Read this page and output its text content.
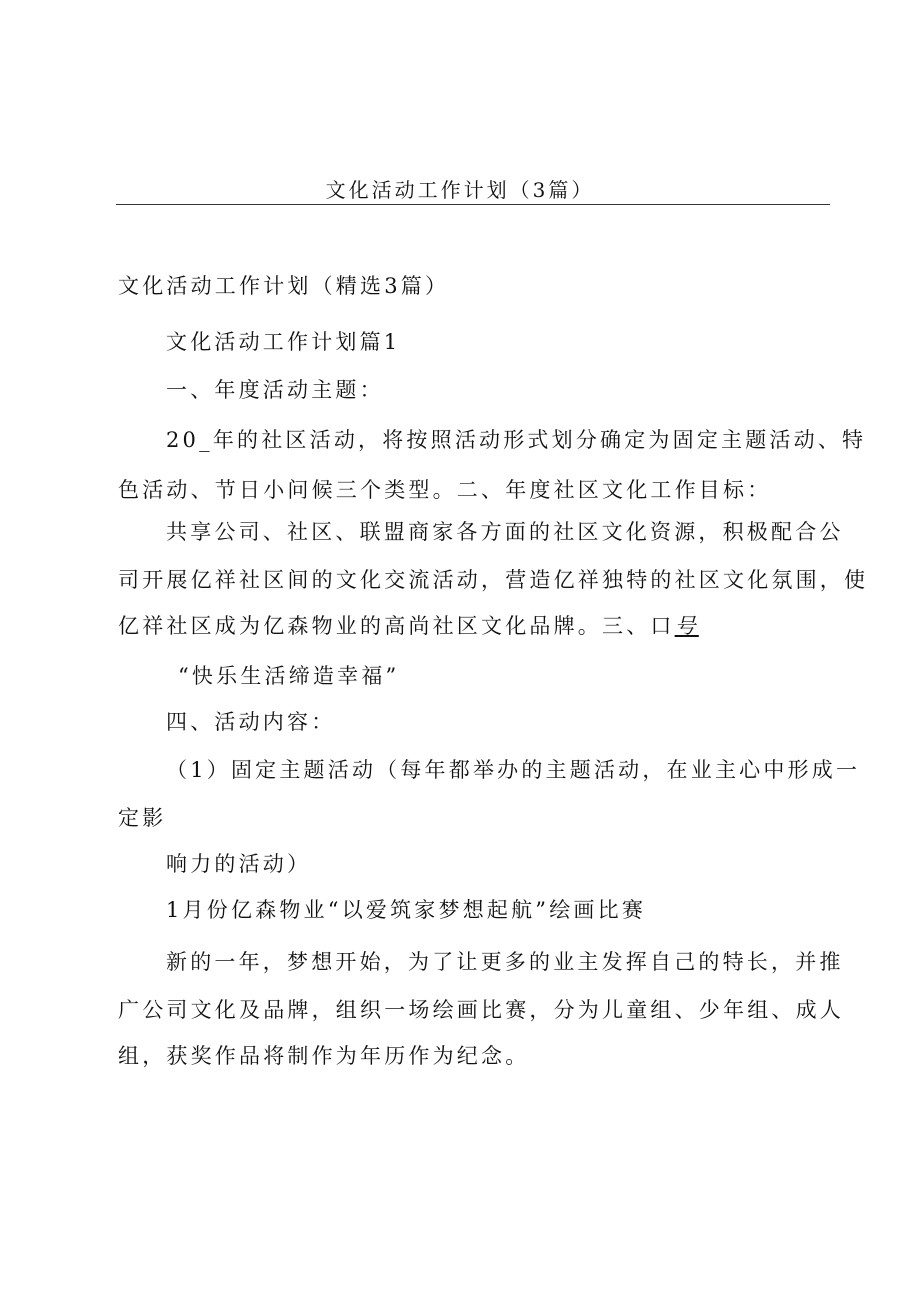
文化活动工作计划（3篇）
文化活动工作计划（精选3篇）
文化活动工作计划篇1
一、年度活动主题：
20_年的社区活动，将按照活动形式划分确定为固定主题活动、特
色活动、节日小问候三个类型。二、年度社区文化工作目标：
共享公司、社区、联盟商家各方面的社区文化资源，积极配合公
司开展亿祥社区间的文化交流活动，营造亿祥独特的社区文化氛围，使
亿祥社区成为亿森物业的高尚社区文化品牌。三、口号
“快乐生活缔造幸福”
四、活动内容：
（1）固定主题活动（每年都举办的主题活动，在业主心中形成一
定影
响力的活动）
1月份亿森物业“以爱筑家梦想起航”绘画比赛
新的一年，梦想开始，为了让更多的业主发挥自己的特长，并推
广公司文化及品牌，组织一场绘画比赛，分为儿童组、少年组、成人
组，获奖作品将制作为年历作为纪念。
